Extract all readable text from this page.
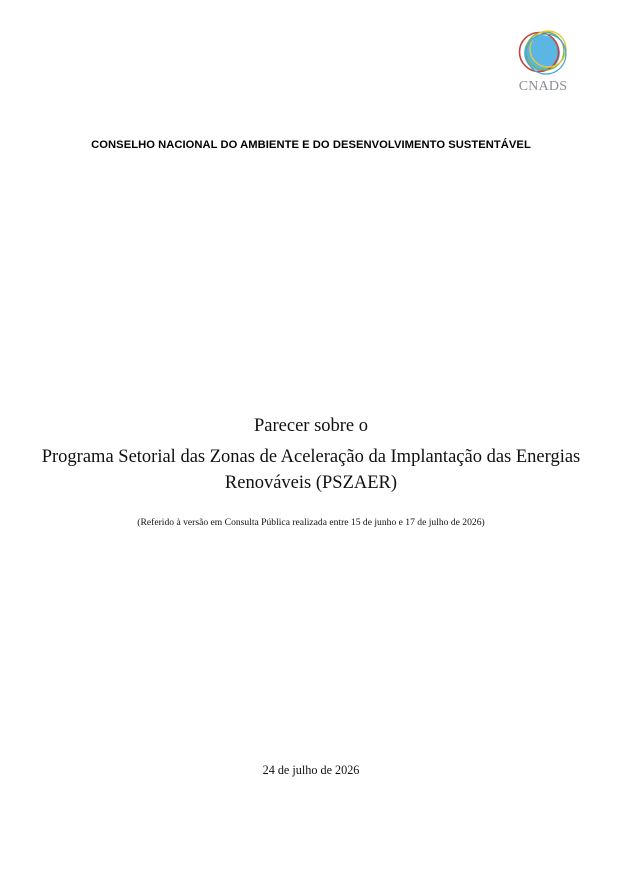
CNADS
CONSELHO NACIONAL DO AMBIENTE E DO DESENVOLVIMENTO SUSTENTÁVEL
Parecer sobre o
Programa Setorial das Zonas de Aceleração da Implantação das Energias Renováveis (PSZAER)
(Referido à versão em Consulta Pública realizada entre 15 de junho e 17 de julho de 2026)
24 de julho de 2026
